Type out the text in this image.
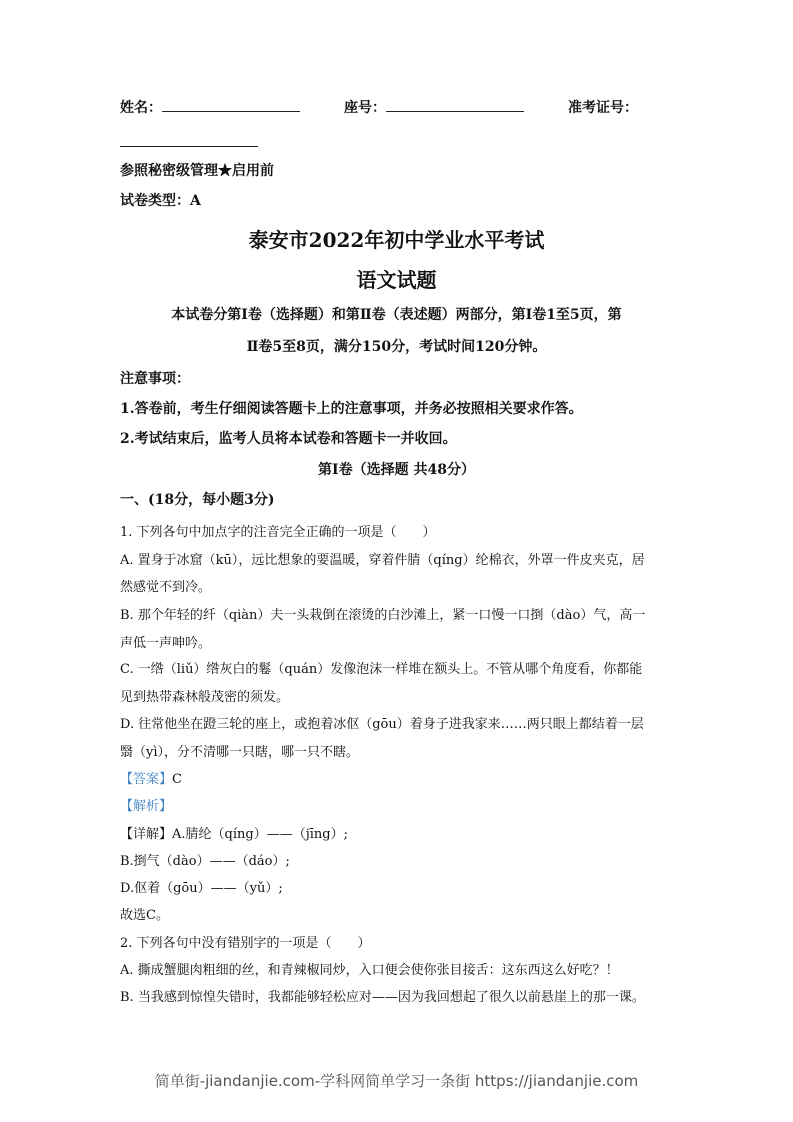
姓名：	座号：	准考证号：
参照秘密级管理★启用前
试卷类型：A
泰安市2022年初中学业水平考试
语文试题
本试卷分第Ⅰ卷（选择题）和第Ⅱ卷（表述题）两部分，第Ⅰ卷1至5页，第
Ⅱ卷5至8页，满分150分，考试时间120分钟。
注意事项：
1.答卷前，考生仔细阅读答题卡上的注意事项，并务必按照相关要求作答。
2.考试结束后，监考人员将本试卷和答题卡一并收回。
第Ⅰ卷（选择题 共48分）
一、(18分，每小题3分)
1. 下列各句中加点字的注音完全正确的一项是（　　）
A. 置身于冰窟（kū），远比想象的要温暖，穿着件腈（qíng）纶棉衣，外罩一件皮夹克，居
然感觉不到冷。
B. 那个年轻的纤（qiàn）夫一头栽倒在滚烫的白沙滩上，紧一口慢一口捯（dào）气，高一
声低一声呻吟。
C. 一绺（liǔ）绺灰白的鬈（quán）发像泡沫一样堆在额头上。不管从哪个角度看，你都能
见到热带森林般茂密的须发。
D. 往常他坐在蹬三轮的座上，或抱着冰伛（gōu）着身子进我家来……两只眼上都结着一层
翳（yì），分不清哪一只瞎，哪一只不瞎。
【答案】C
【解析】
【详解】A.腈纶（qíng）——（jīng）;
B.捯气（dào）——（dáo）;
D.伛着（gōu）——（yǔ）;
故选C。
2. 下列各句中没有错别字的一项是（　　）
A. 撕成蟹腿肉粗细的丝，和青辣椒同炒，入口便会使你张目接舌：这东西这么好吃？！
B. 当我感到惊惶失错时，我都能够轻松应对——因为我回想起了很久以前悬崖上的那一课。
简单街-jiandanjie.com-学科网简单学习一条街 https://jiandanjie.com
